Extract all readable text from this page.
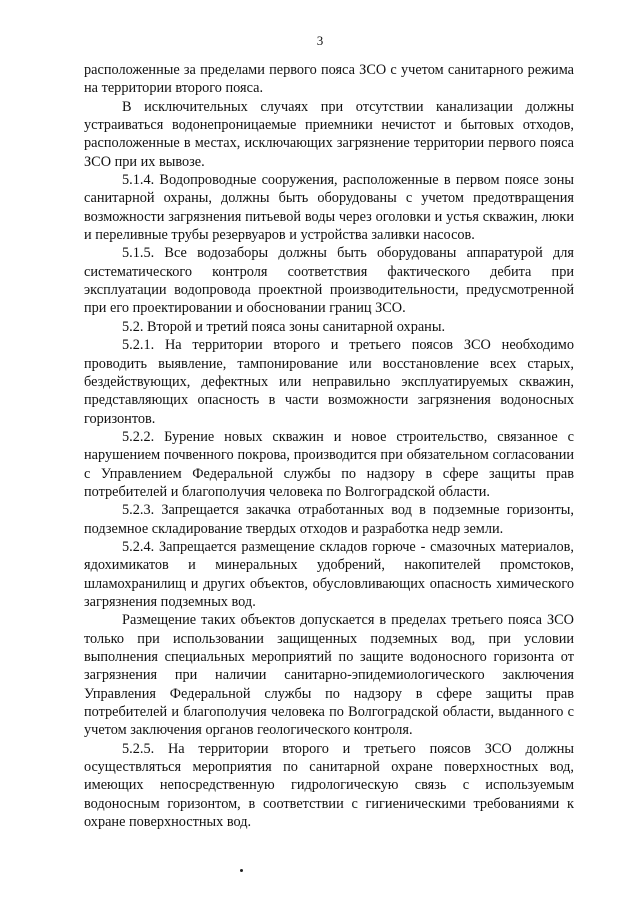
3

расположенные за пределами первого пояса ЗСО с учетом санитарного режима на территории второго пояса.

В исключительных случаях при отсутствии канализации должны устраиваться водонепроницаемые приемники нечистот и бытовых отходов, расположенные в местах, исключающих загрязнение территории первого пояса ЗСО при их вывозе.

5.1.4. Водопроводные сооружения, расположенные в первом поясе зоны санитарной охраны, должны быть оборудованы с учетом предотвращения возможности загрязнения питьевой воды через оголовки и устья скважин, люки и переливные трубы резервуаров и устройства заливки насосов.

5.1.5. Все водозаборы должны быть оборудованы аппаратурой для систематического контроля соответствия фактического дебита при эксплуатации водопровода проектной производительности, предусмотренной при его проектировании и обосновании границ ЗСО.

5.2. Второй и третий пояса зоны санитарной охраны.

5.2.1. На территории второго и третьего поясов ЗСО необходимо проводить выявление, тампонирование или восстановление всех старых, бездействующих, дефектных или неправильно эксплуатируемых скважин, представляющих опасность в части возможности загрязнения водоносных горизонтов.

5.2.2. Бурение новых скважин и новое строительство, связанное с нарушением почвенного покрова, производится при обязательном согласовании с Управлением Федеральной службы по надзору в сфере защиты прав потребителей и благополучия человека по Волгоградской области.

5.2.3. Запрещается закачка отработанных вод в подземные горизонты, подземное складирование твердых отходов и разработка недр земли.

5.2.4. Запрещается размещение складов горюче - смазочных материалов, ядохимикатов и минеральных удобрений, накопителей промстоков, шламохранилищ и других объектов, обусловливающих опасность химического загрязнения подземных вод.

Размещение таких объектов допускается в пределах третьего пояса ЗСО только при использовании защищенных подземных вод, при условии выполнения специальных мероприятий по защите водоносного горизонта от загрязнения при наличии санитарно-эпидемиологического заключения Управления Федеральной службы по надзору в сфере защиты прав потребителей и благополучия человека по Волгоградской области, выданного с учетом заключения органов геологического контроля.

5.2.5. На территории второго и третьего поясов ЗСО должны осуществляться мероприятия по санитарной охране поверхностных вод, имеющих непосредственную гидрологическую связь с используемым водоносным горизонтом, в соответствии с гигиеническими требованиями к охране поверхностных вод.
